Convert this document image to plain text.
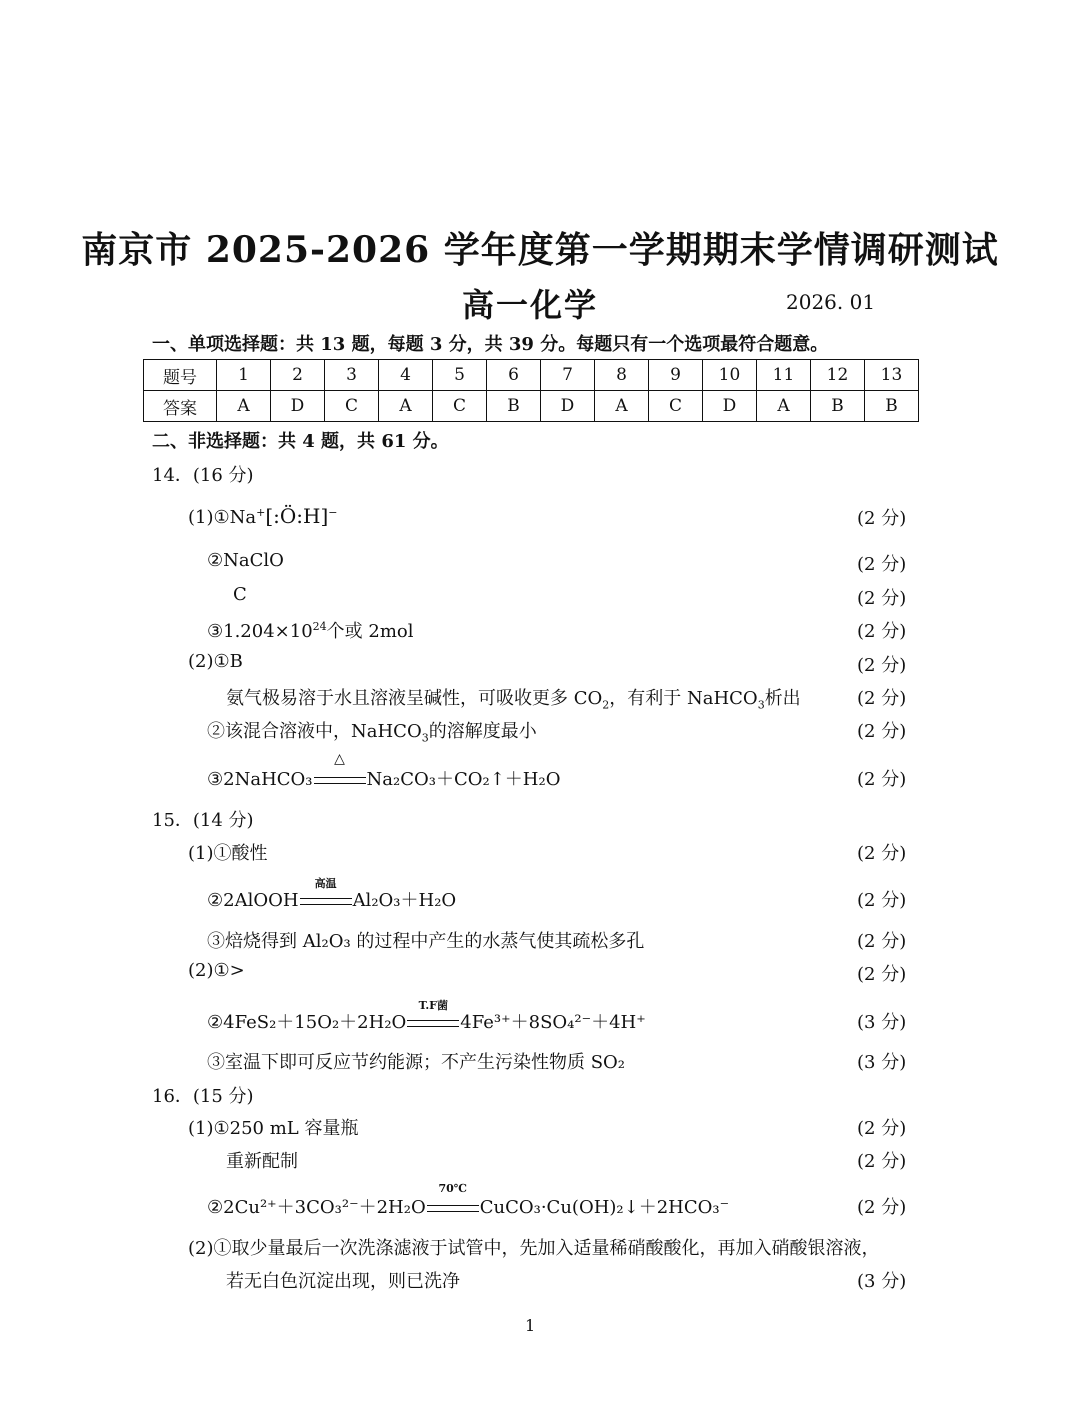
南京市 2025-2026 学年度第一学期期末学情调研测试
高一化学	2026. 01
一、单项选择题：共 13 题，每题 3 分，共 39 分。每题只有一个选项最符合题意。
题号	1	2	3	4	5	6	7	8	9	10	11	12	13
答案	A	D	C	A	C	B	D	A	C	D	A	B	B
二、非选择题：共 4 题，共 61 分。
14．(16 分)
(1)①Na+[:Ö:H]−	(2 分)
②NaClO	(2 分)
C	(2 分)
$③1.204\times 10^{24}$个或 2mol	(2 分)
(2)①B	(2 分)
氨气极易溶于水且溶液呈碱性，可吸收更多 $CO_2$，有利于 NaHCO$_3$析出	(2 分)
②该混合溶液中，NaHCO$_3$的溶解度最小	(2 分)
③2NaHCO₃
△
Na₂CO₃＋CO₂↑＋H₂O	(2 分)
15．(14 分)
(1)①酸性	(2 分)
②2AlOOH
高温
Al₂O₃＋H₂O	(2 分)
③焙烧得到 Al₂O₃ 的过程中产生的水蒸气使其疏松多孔	(2 分)
(2)①>	(2 分)
②4FeS₂＋15O₂＋2H₂O
T.F菌
4Fe³⁺＋8SO₄²⁻＋4H⁺	(3 分)
③室温下即可反应节约能源；不产生污染性物质 SO₂	(3 分)
16．(15 分)
(1)①250 mL 容量瓶	(2 分)
重新配制	(2 分)
②2Cu²⁺＋3CO₃²⁻＋2H₂O
70℃
CuCO₃·Cu(OH)₂↓＋2HCO₃⁻	(2 分)
(2)①取少量最后一次洗涤滤液于试管中，先加入适量稀硝酸酸化，再加入硝酸银溶液，
若无白色沉淀出现，则已洗净	(3 分)
1
